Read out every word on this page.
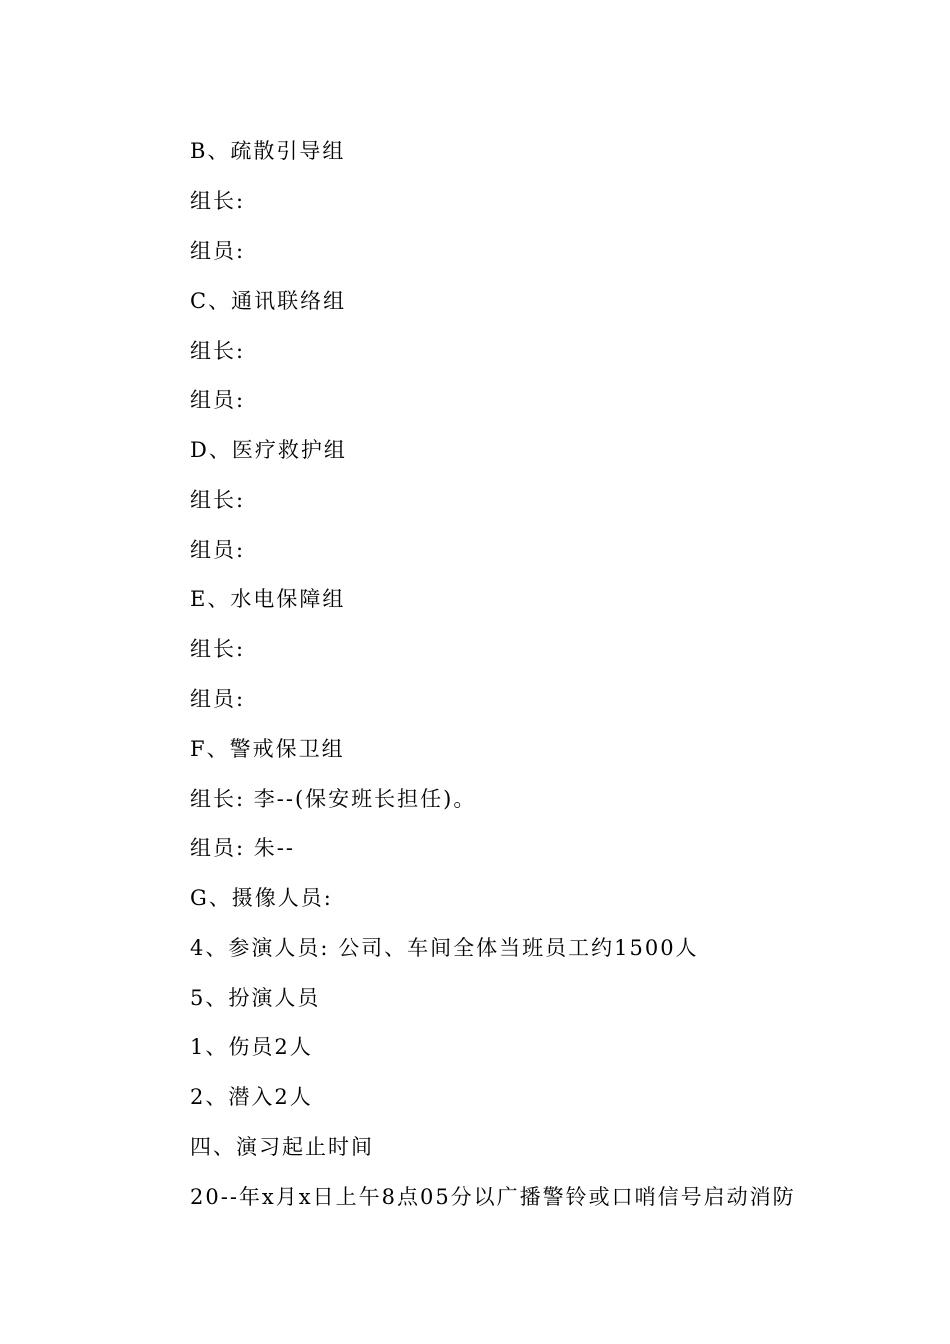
B、疏散引导组
组长:
组员:
C、通讯联络组
组长:
组员:
D、医疗救护组
组长:
组员:
E、水电保障组
组长:
组员:
F、警戒保卫组
组长: 李--(保安班长担任)。
组员: 朱--
G、摄像人员:
4、参演人员: 公司、车间全体当班员工约1500人
5、扮演人员
1、伤员2人
2、潜入2人
四、演习起止时间
20--年x月x日上午8点05分以广播警铃或口哨信号启动消防
